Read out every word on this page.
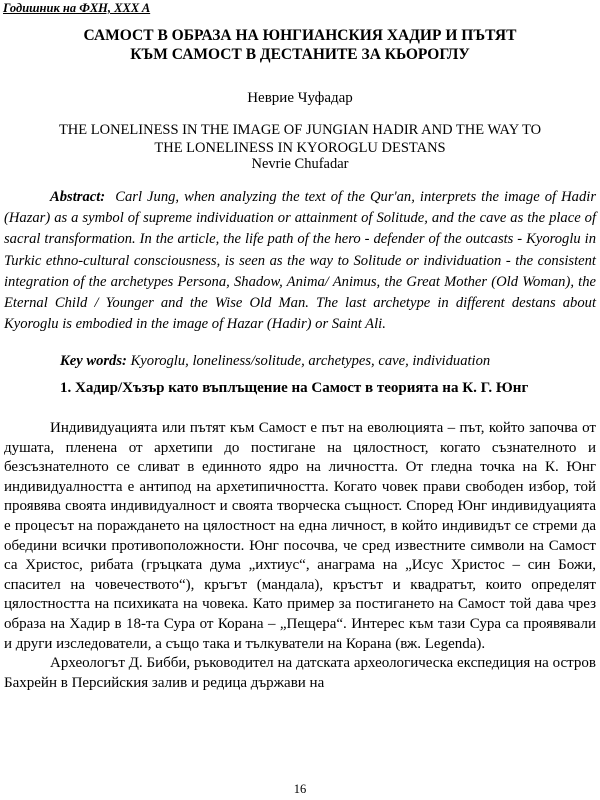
Годишник на ФХН, XXX A
САМОСТ В ОБРАЗА НА ЮНГИАНСКИЯ ХАДИР И ПЪТЯТ
КЪМ САМОСТ В ДЕСТАНИТЕ ЗА КЬОРОГЛУ
Неврие Чуфадар
THE LONELINESS IN THE IMAGE OF JUNGIAN HADIR AND THE WAY TO
THE LONELINESS IN KYOROGLU DESTANS
Nevrie Chufadar

Abstract: Carl Jung, when analyzing the text of the Qur'an, interprets the image of Hadir (Hazar) as a symbol of supreme individuation or attainment of Solitude, and the cave as the place of sacral transformation. In the article, the life path of the hero - defender of the outcasts - Kyoroglu in Turkic ethno-cultural consciousness, is seen as the way to Solitude or individuation - the consistent integration of the archetypes Persona, Shadow, Anima/ Animus, the Great Mother (Old Woman), the Eternal Child / Younger and the Wise Old Man. The last archetype in different destans about Kyoroglu is embodied in the image of Hazar (Hadir) or Saint Ali.

Key words: Kyoroglu, loneliness/solitude, archetypes, cave, individuation

1. Хадир/Хъзър като въплъщение на Самост в теорията на К. Г. Юнг

Индивидуацията или пътят към Самост е път на еволюцията – път, който започва от душата, пленена от архетипи до постигане на цялостност, когато съзнателното и безсъзнателното се сливат в единното ядро на личността. От гледна точка на К. Юнг индивидуалността е антипод на архетипичността. Когато човек прави свободен избор, той проявява своята индивидуалност и своята творческа същност. Според Юнг индивидуацията е процесът на поражданeто на цялостност на една личност, в който индивидът се стреми да обедини всички противоположности. Юнг посочва, че сред известните символи на Самост са Христос, рибата (гръцката дума „ихтиус“, анаграма на „Исус Христос – син Божи, спасител на човечеството“), кръгът (мандала), кръстът и квадратът, които определят цялостността на психиката на човека. Като пример за постигането на Самост той дава чрез образа на Хадир в 18-та Сура от Корана – „Пещера“. Интерес към тази Сура са проявявали и други изследователи, а също така и тълкуватели на Корана (вж. Legenda).

Археологът Д. Бибби, ръководител на датската археологическа експедиция на остров Бахрейн в Персийския залив и редица държави на

16
